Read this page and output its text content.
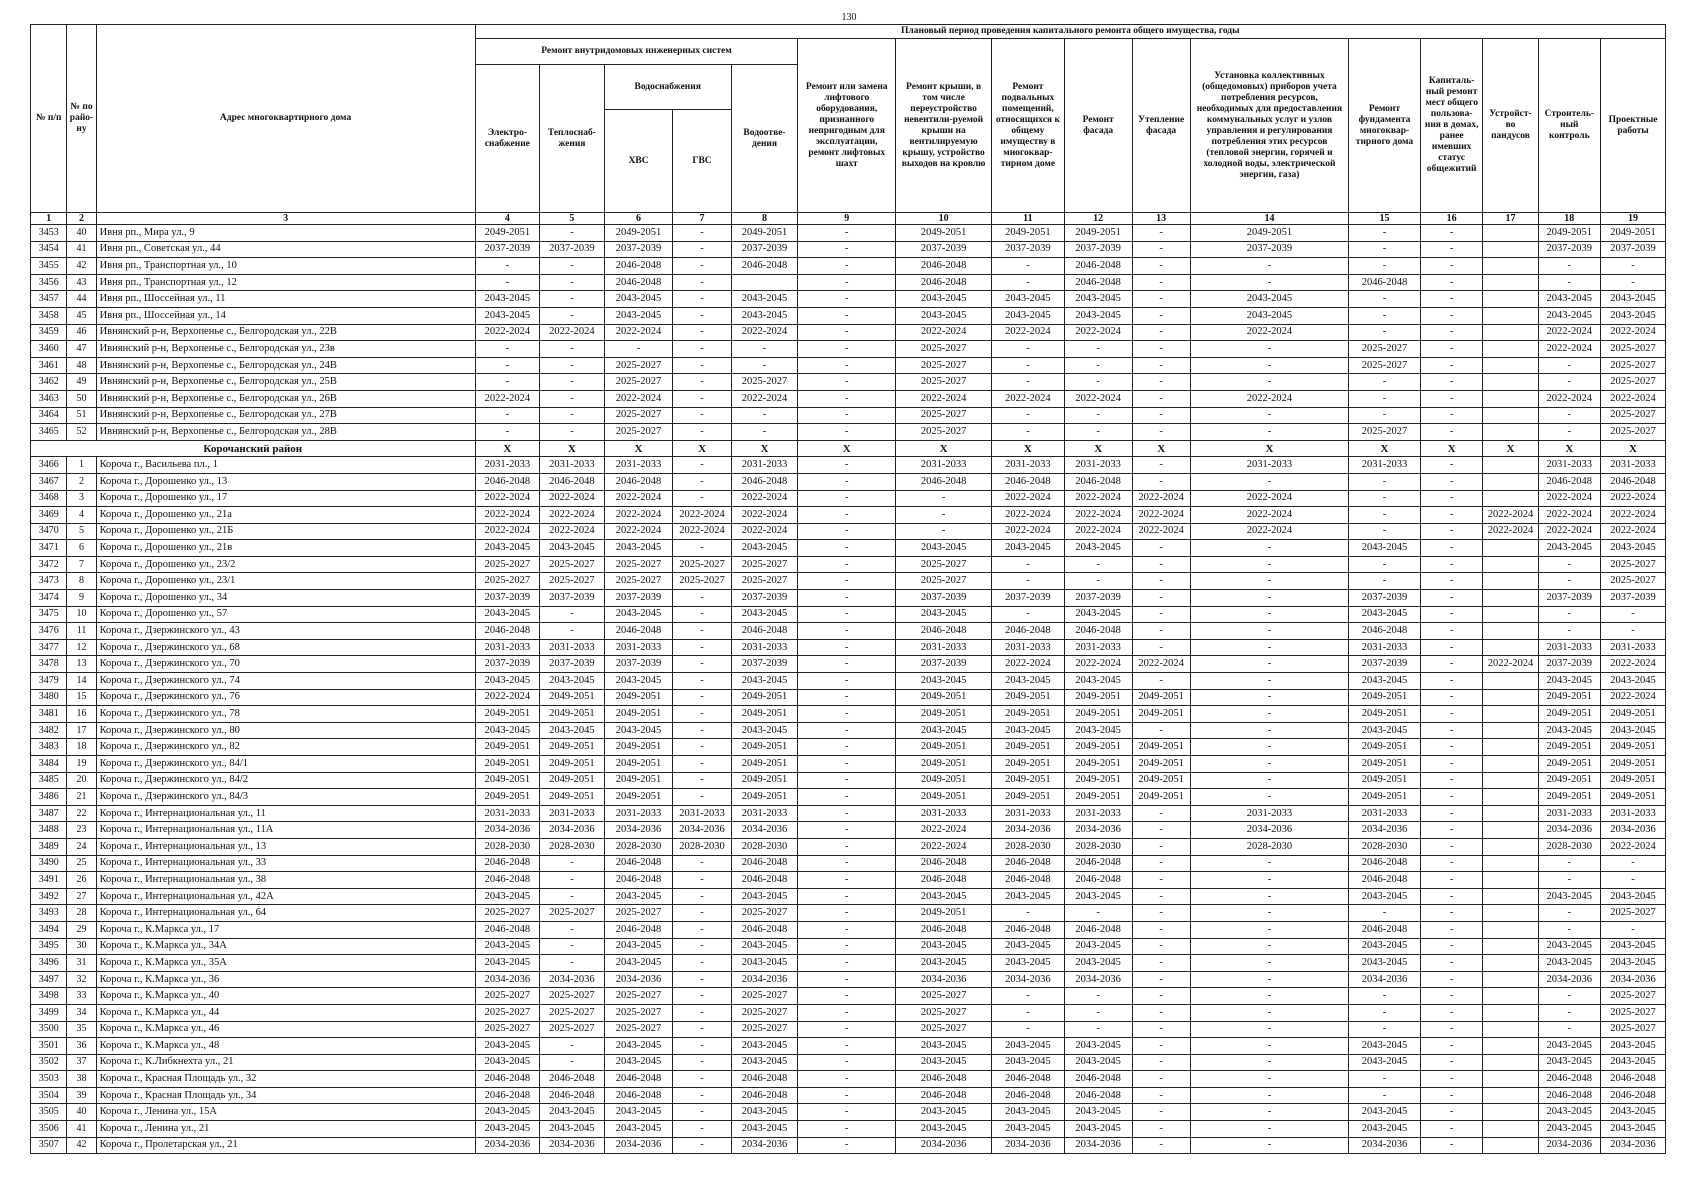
130
№ п/п	№ по райо-ну	Адрес многоквартирного дома	Плановый период проведения капитального ремонта общего имущества, годы															
			Ремонт внутридомовых инженерных систем					Ремонт или замена лифтового оборудования, признанного непригодным для эксплуатации, ремонт лифтовых шахт	Ремонт крыши, в том числе переустройство невентили-руемой крыши на вентилируемую крышу, устройство выходов на кровлю	Ремонт подвальных помещений, относящихся к общему имуществу в многоквар-тирном доме	Ремонт фасада	Утепление фасада	Установка коллективных (общедомовых) приборов учета потребления ресурсов, необходимых для предоставления коммунальных услуг и узлов управления и регулирования потребления этих ресурсов (тепловой энергии, горячей и холодной воды, электрической энергии, газа)	Ремонт фундамента многоквар-тирного дома	Капиталь-ный ремонт мест общего пользова-ния в домах, ранее имевших статус общежитий	Устройст-во пандусов	Строитель-ный контроль	Проектные работы
			Электро-снабжение	Теплоснаб-жения	Водоснабжения		Водоотве-дения											
					ХВС	ГВС												
1	2	3	4	5	6	7	8	9	10	11	12	13	14	15	16	17	18	19
3453	40	Ивня рп., Мира ул., 9	2049-2051	-	2049-2051	-	2049-2051	-	2049-2051	2049-2051	2049-2051	-	2049-2051	-	-		2049-2051	2049-2051
3454	41	Ивня рп., Советская ул., 44	2037-2039	2037-2039	2037-2039	-	2037-2039	-	2037-2039	2037-2039	2037-2039	-	2037-2039	-	-		2037-2039	2037-2039
3455	42	Ивня рп., Транспортная ул., 10	-	-	2046-2048	-	2046-2048	-	2046-2048	-	2046-2048	-	-	-	-		-	-
3456	43	Ивня рп., Транспортная ул., 12	-	-	2046-2048	-		-	2046-2048	-	2046-2048	-	-	2046-2048	-		-	-
3457	44	Ивня рп., Шоссейная ул., 11	2043-2045	-	2043-2045	-	2043-2045	-	2043-2045	2043-2045	2043-2045	-	2043-2045	-	-		2043-2045	2043-2045
3458	45	Ивня рп., Шоссейная ул., 14	2043-2045	-	2043-2045	-	2043-2045	-	2043-2045	2043-2045	2043-2045	-	2043-2045	-	-		2043-2045	2043-2045
3459	46	Ивнянский р-н, Верхопенье с., Белгородская ул., 22В	2022-2024	2022-2024	2022-2024	-	2022-2024	-	2022-2024	2022-2024	2022-2024	-	2022-2024	-	-		2022-2024	2022-2024
3460	47	Ивнянский р-н, Верхопенье с., Белгородская ул., 23в	-	-	-	-	-	-	2025-2027	-	-	-	-	2025-2027	-		2022-2024	2025-2027
3461	48	Ивнянский р-н, Верхопенье с., Белгородская ул., 24В	-	-	2025-2027	-	-	-	2025-2027	-	-	-	-	2025-2027	-		-	2025-2027
3462	49	Ивнянский р-н, Верхопенье с., Белгородская ул., 25В	-	-	2025-2027	-	2025-2027	-	2025-2027	-	-	-	-	-	-		-	2025-2027
3463	50	Ивнянский р-н, Верхопенье с., Белгородская ул., 26В	2022-2024	-	2022-2024	-	2022-2024	-	2022-2024	2022-2024	2022-2024	-	2022-2024	-	-		2022-2024	2022-2024
3464	51	Ивнянский р-н, Верхопенье с., Белгородская ул., 27В	-	-	2025-2027	-	-	-	2025-2027	-	-	-	-	-	-		-	2025-2027
3465	52	Ивнянский р-н, Верхопенье с., Белгородская ул., 28В	-	-	2025-2027	-	-	-	2025-2027	-	-	-	-	2025-2027	-		-	2025-2027
Корочанский район			X	X	X	X	X	X	X	X	X	X	X	X	X	X	X	X
3466	1	Короча г., Васильева пл., 1	2031-2033	2031-2033	2031-2033	-	2031-2033	-	2031-2033	2031-2033	2031-2033	-	2031-2033	2031-2033	-		2031-2033	2031-2033
3467	2	Короча г., Дорошенко ул., 13	2046-2048	2046-2048	2046-2048	-	2046-2048	-	2046-2048	2046-2048	2046-2048	-	-	-	-		2046-2048	2046-2048
3468	3	Короча г., Дорошенко ул., 17	2022-2024	2022-2024	2022-2024	-	2022-2024	-	-	2022-2024	2022-2024	2022-2024	2022-2024	-	-		2022-2024	2022-2024
3469	4	Короча г., Дорошенко ул., 21а	2022-2024	2022-2024	2022-2024	2022-2024	2022-2024	-	-	2022-2024	2022-2024	2022-2024	2022-2024	-	-	2022-2024	2022-2024	2022-2024
3470	5	Короча г., Дорошенко ул., 21Б	2022-2024	2022-2024	2022-2024	2022-2024	2022-2024	-	-	2022-2024	2022-2024	2022-2024	2022-2024	-	-	2022-2024	2022-2024	2022-2024
3471	6	Короча г., Дорошенко ул., 21в	2043-2045	2043-2045	2043-2045	-	2043-2045	-	2043-2045	2043-2045	2043-2045	-	-	2043-2045	-		2043-2045	2043-2045
3472	7	Короча г., Дорошенко ул., 23/2	2025-2027	2025-2027	2025-2027	2025-2027	2025-2027	-	2025-2027	-	-	-	-	-	-		-	2025-2027
3473	8	Короча г., Дорошенко ул., 23/1	2025-2027	2025-2027	2025-2027	2025-2027	2025-2027	-	2025-2027	-	-	-	-	-	-		-	2025-2027
3474	9	Короча г., Дорошенко ул., 34	2037-2039	2037-2039	2037-2039	-	2037-2039	-	2037-2039	2037-2039	2037-2039	-	-	2037-2039	-		2037-2039	2037-2039
3475	10	Короча г., Дорошенко ул., 57	2043-2045	-	2043-2045	-	2043-2045	-	2043-2045	-	2043-2045	-	-	2043-2045	-		-	-
3476	11	Короча г., Дзержинского ул., 43	2046-2048	-	2046-2048	-	2046-2048	-	2046-2048	2046-2048	2046-2048	-	-	2046-2048	-		-	-
3477	12	Короча г., Дзержинского ул., 68	2031-2033	2031-2033	2031-2033	-	2031-2033	-	2031-2033	2031-2033	2031-2033	-	-	2031-2033	-		2031-2033	2031-2033
3478	13	Короча г., Дзержинского ул., 70	2037-2039	2037-2039	2037-2039	-	2037-2039	-	2037-2039	2022-2024	2022-2024	2022-2024	-	2037-2039	-	2022-2024	2037-2039	2022-2024
3479	14	Короча г., Дзержинского ул., 74	2043-2045	2043-2045	2043-2045	-	2043-2045	-	2043-2045	2043-2045	2043-2045	-	-	2043-2045	-		2043-2045	2043-2045
3480	15	Короча г., Дзержинского ул., 76	2022-2024	2049-2051	2049-2051	-	2049-2051	-	2049-2051	2049-2051	2049-2051	2049-2051	-	2049-2051	-		2049-2051	2022-2024
3481	16	Короча г., Дзержинского ул., 78	2049-2051	2049-2051	2049-2051	-	2049-2051	-	2049-2051	2049-2051	2049-2051	2049-2051	-	2049-2051	-		2049-2051	2049-2051
3482	17	Короча г., Дзержинского ул., 80	2043-2045	2043-2045	2043-2045	-	2043-2045	-	2043-2045	2043-2045	2043-2045	-	-	2043-2045	-		2043-2045	2043-2045
3483	18	Короча г., Дзержинского ул., 82	2049-2051	2049-2051	2049-2051	-	2049-2051	-	2049-2051	2049-2051	2049-2051	2049-2051	-	2049-2051	-		2049-2051	2049-2051
3484	19	Короча г., Дзержинского ул., 84/1	2049-2051	2049-2051	2049-2051	-	2049-2051	-	2049-2051	2049-2051	2049-2051	2049-2051	-	2049-2051	-		2049-2051	2049-2051
3485	20	Короча г., Дзержинского ул., 84/2	2049-2051	2049-2051	2049-2051	-	2049-2051	-	2049-2051	2049-2051	2049-2051	2049-2051	-	2049-2051	-		2049-2051	2049-2051
3486	21	Короча г., Дзержинского ул., 84/3	2049-2051	2049-2051	2049-2051	-	2049-2051	-	2049-2051	2049-2051	2049-2051	2049-2051	-	2049-2051	-		2049-2051	2049-2051
3487	22	Короча г., Интернациональная ул., 11	2031-2033	2031-2033	2031-2033	2031-2033	2031-2033	-	2031-2033	2031-2033	2031-2033	-	2031-2033	2031-2033	-		2031-2033	2031-2033
3488	23	Короча г., Интернациональная ул., 11А	2034-2036	2034-2036	2034-2036	2034-2036	2034-2036	-	2022-2024	2034-2036	2034-2036	-	2034-2036	2034-2036	-		2034-2036	2034-2036
3489	24	Короча г., Интернациональная ул., 13	2028-2030	2028-2030	2028-2030	2028-2030	2028-2030	-	2022-2024	2028-2030	2028-2030	-	2028-2030	2028-2030	-		2028-2030	2022-2024
3490	25	Короча г., Интернациональная ул., 33	2046-2048	-	2046-2048	-	2046-2048	-	2046-2048	2046-2048	2046-2048	-	-	2046-2048	-		-	-
3491	26	Короча г., Интернациональная ул., 38	2046-2048	-	2046-2048	-	2046-2048	-	2046-2048	2046-2048	2046-2048	-	-	2046-2048	-		-	-
3492	27	Короча г., Интернациональная ул., 42А	2043-2045	-	2043-2045	-	2043-2045	-	2043-2045	2043-2045	2043-2045	-	-	2043-2045	-		2043-2045	2043-2045
3493	28	Короча г., Интернациональная ул., 64	2025-2027	2025-2027	2025-2027	-	2025-2027	-	2049-2051	-	-	-	-	-	-		-	2025-2027
3494	29	Короча г., К.Маркса ул., 17	2046-2048	-	2046-2048	-	2046-2048	-	2046-2048	2046-2048	2046-2048	-	-	2046-2048	-		-	-
3495	30	Короча г., К.Маркса ул., 34А	2043-2045	-	2043-2045	-	2043-2045	-	2043-2045	2043-2045	2043-2045	-	-	2043-2045	-		2043-2045	2043-2045
3496	31	Короча г., К.Маркса ул., 35А	2043-2045	-	2043-2045	-	2043-2045	-	2043-2045	2043-2045	2043-2045	-	-	2043-2045	-		2043-2045	2043-2045
3497	32	Короча г., К.Маркса ул., 36	2034-2036	2034-2036	2034-2036	-	2034-2036	-	2034-2036	2034-2036	2034-2036	-	-	2034-2036	-		2034-2036	2034-2036
3498	33	Короча г., К.Маркса ул., 40	2025-2027	2025-2027	2025-2027	-	2025-2027	-	2025-2027	-	-	-	-	-	-		-	2025-2027
3499	34	Короча г., К.Маркса ул., 44	2025-2027	2025-2027	2025-2027	-	2025-2027	-	2025-2027	-	-	-	-	-	-		-	2025-2027
3500	35	Короча г., К.Маркса ул., 46	2025-2027	2025-2027	2025-2027	-	2025-2027	-	2025-2027	-	-	-	-	-	-		-	2025-2027
3501	36	Короча г., К.Маркса ул., 48	2043-2045	-	2043-2045	-	2043-2045	-	2043-2045	2043-2045	2043-2045	-	-	2043-2045	-		2043-2045	2043-2045
3502	37	Короча г., К.Либкнехта ул., 21	2043-2045	-	2043-2045	-	2043-2045	-	2043-2045	2043-2045	2043-2045	-	-	2043-2045	-		2043-2045	2043-2045
3503	38	Короча г., Красная Площадь ул., 32	2046-2048	2046-2048	2046-2048	-	2046-2048	-	2046-2048	2046-2048	2046-2048	-	-	-	-		2046-2048	2046-2048
3504	39	Короча г., Красная Площадь ул., 34	2046-2048	2046-2048	2046-2048	-	2046-2048	-	2046-2048	2046-2048	2046-2048	-	-	-	-		2046-2048	2046-2048
3505	40	Короча г., Ленина ул., 15А	2043-2045	2043-2045	2043-2045	-	2043-2045	-	2043-2045	2043-2045	2043-2045	-	-	2043-2045	-		2043-2045	2043-2045
3506	41	Короча г., Ленина ул., 21	2043-2045	2043-2045	2043-2045	-	2043-2045	-	2043-2045	2043-2045	2043-2045	-	-	2043-2045	-		2043-2045	2043-2045
3507	42	Короча г., Пролетарская ул., 21	2034-2036	2034-2036	2034-2036	-	2034-2036	-	2034-2036	2034-2036	2034-2036	-	-	2034-2036	-		2034-2036	2034-2036
